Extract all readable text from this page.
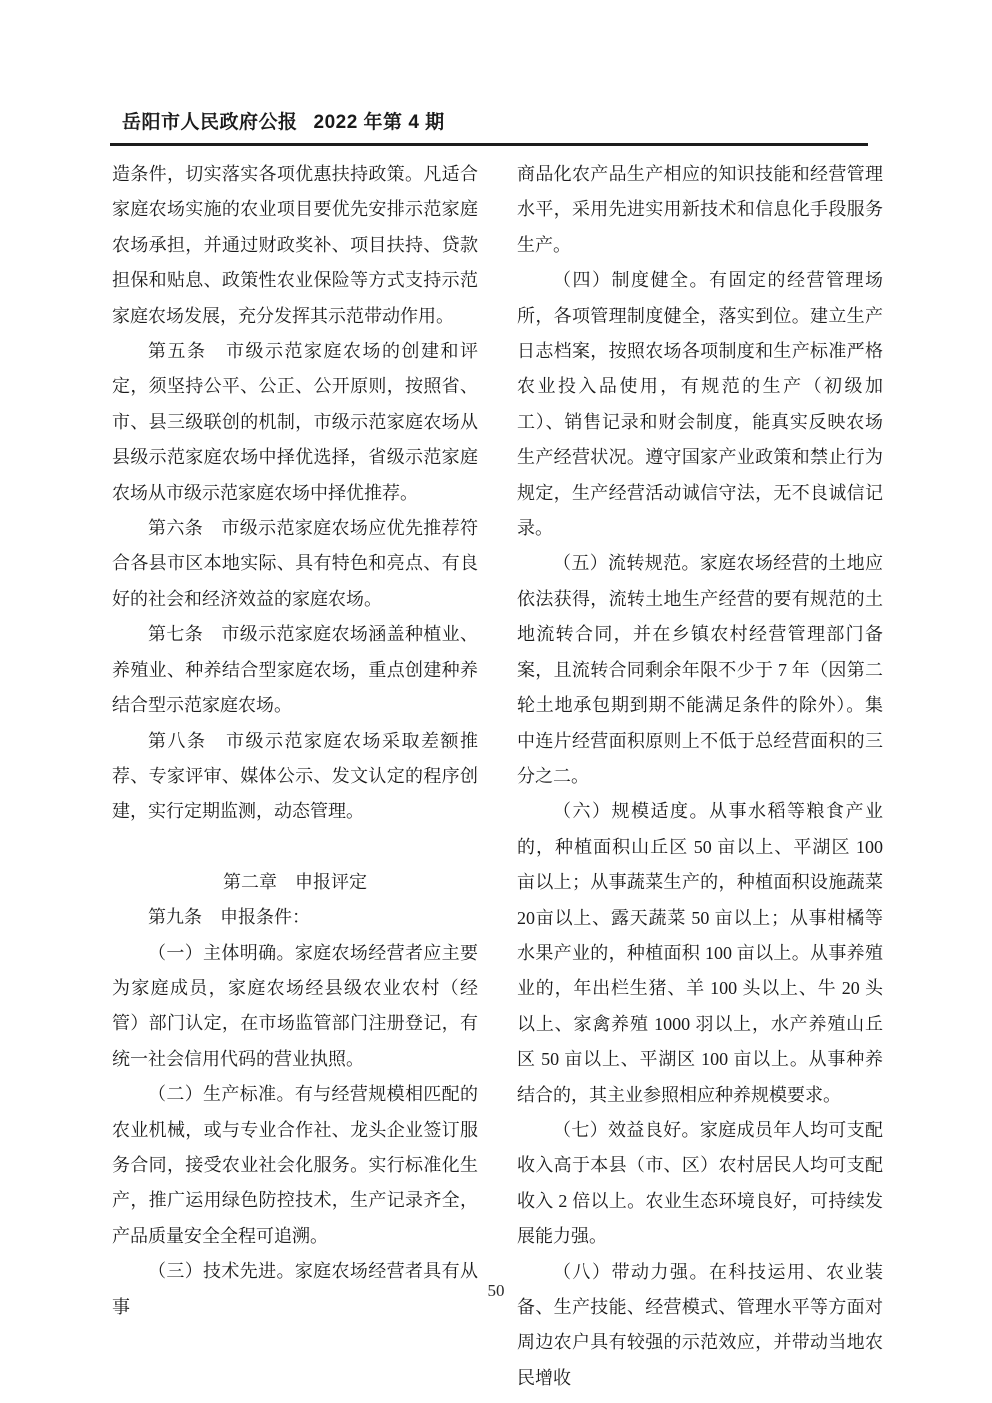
岳阳市人民政府公报 2022 年第 4 期

造条件，切实落实各项优惠扶持政策。凡适合家庭农场实施的农业项目要优先安排示范家庭农场承担，并通过财政奖补、项目扶持、贷款担保和贴息、政策性农业保险等方式支持示范家庭农场发展，充分发挥其示范带动作用。

第五条　市级示范家庭农场的创建和评定，须坚持公平、公正、公开原则，按照省、市、县三级联创的机制，市级示范家庭农场从县级示范家庭农场中择优选择，省级示范家庭农场从市级示范家庭农场中择优推荐。

第六条　市级示范家庭农场应优先推荐符合各县市区本地实际、具有特色和亮点、有良好的社会和经济效益的家庭农场。

第七条　市级示范家庭农场涵盖种植业、养殖业、种养结合型家庭农场，重点创建种养结合型示范家庭农场。

第八条　市级示范家庭农场采取差额推荐、专家评审、媒体公示、发文认定的程序创建，实行定期监测，动态管理。

第二章　申报评定

第九条　申报条件：

（一）主体明确。家庭农场经营者应主要为家庭成员，家庭农场经县级农业农村（经管）部门认定，在市场监管部门注册登记，有统一社会信用代码的营业执照。

（二）生产标准。有与经营规模相匹配的农业机械，或与专业合作社、龙头企业签订服务合同，接受农业社会化服务。实行标准化生产，推广运用绿色防控技术，生产记录齐全，产品质量安全全程可追溯。

（三）技术先进。家庭农场经营者具有从事

商品化农产品生产相应的知识技能和经营管理水平，采用先进实用新技术和信息化手段服务生产。

（四）制度健全。有固定的经营管理场所，各项管理制度健全，落实到位。建立生产日志档案，按照农场各项制度和生产标准严格农业投入品使用，有规范的生产（初级加工）、销售记录和财会制度，能真实反映农场生产经营状况。遵守国家产业政策和禁止行为规定，生产经营活动诚信守法，无不良诚信记录。

（五）流转规范。家庭农场经营的土地应依法获得，流转土地生产经营的要有规范的土地流转合同，并在乡镇农村经营管理部门备案，且流转合同剩余年限不少于 7 年（因第二轮土地承包期到期不能满足条件的除外）。集中连片经营面积原则上不低于总经营面积的三分之二。

（六）规模适度。从事水稻等粮食产业的，种植面积山丘区 50 亩以上、平湖区 100 亩以上；从事蔬菜生产的，种植面积设施蔬菜20亩以上、露天蔬菜 50 亩以上；从事柑橘等水果产业的，种植面积 100 亩以上。从事养殖业的，年出栏生猪、羊 100 头以上、牛 20 头以上、家禽养殖 1000 羽以上，水产养殖山丘区 50 亩以上、平湖区 100 亩以上。从事种养结合的，其主业参照相应种养规模要求。

（七）效益良好。家庭成员年人均可支配收入高于本县（市、区）农村居民人均可支配收入 2 倍以上。农业生态环境良好，可持续发展能力强。

（八）带动力强。在科技运用、农业装备、生产技能、经营模式、管理水平等方面对周边农户具有较强的示范效应，并带动当地农民增收

50
